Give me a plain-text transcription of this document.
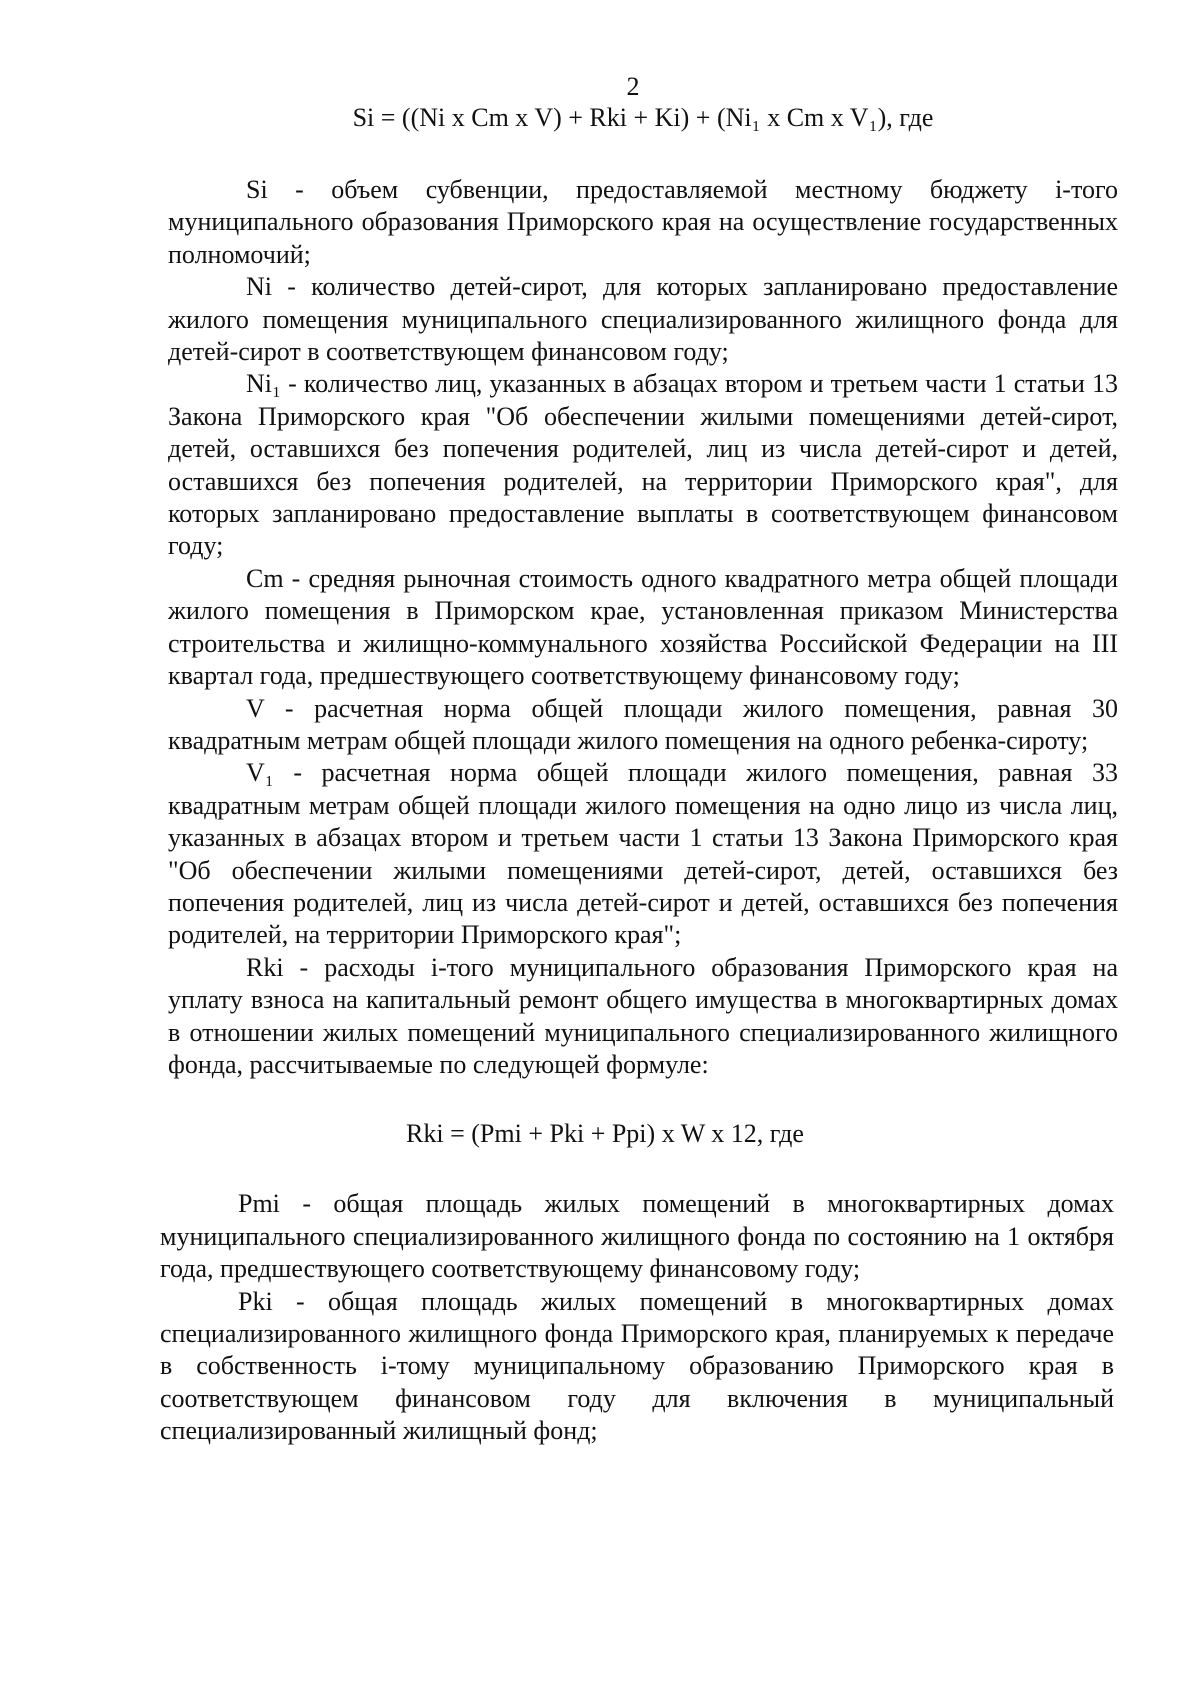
2

Si = ((Ni x Cm x V) + Rki + Ki) + (Ni₁ x Cm x V₁), где

Si - объем субвенции, предоставляемой местному бюджету i-того муниципального образования Приморского края на осуществление государственных полномочий;

Ni - количество детей-сирот, для которых запланировано предоставление жилого помещения муниципального специализированного жилищного фонда для детей-сирот в соответствующем финансовом году;

Ni₁ - количество лиц, указанных в абзацах втором и третьем части 1 статьи 13 Закона Приморского края "Об обеспечении жилыми помещениями детей-сирот, детей, оставшихся без попечения родителей, лиц из числа детей-сирот и детей, оставшихся без попечения родителей, на территории Приморского края", для которых запланировано предоставление выплаты в соответствующем финансовом году;

Cm - средняя рыночная стоимость одного квадратного метра общей площади жилого помещения в Приморском крае, установленная приказом Министерства строительства и жилищно-коммунального хозяйства Российской Федерации на III квартал года, предшествующего соответствующему финансовому году;

V - расчетная норма общей площади жилого помещения, равная 30 квадратным метрам общей площади жилого помещения на одного ребенка-сироту;

V₁ - расчетная норма общей площади жилого помещения, равная 33 квадратным метрам общей площади жилого помещения на одно лицо из числа лиц, указанных в абзацах втором и третьем части 1 статьи 13 Закона Приморского края "Об обеспечении жилыми помещениями детей-сирот, детей, оставшихся без попечения родителей, лиц из числа детей-сирот и детей, оставшихся без попечения родителей, на территории Приморского края";

Rki - расходы i-того муниципального образования Приморского края на уплату взноса на капитальный ремонт общего имущества в многоквартирных домах в отношении жилых помещений муниципального специализированного жилищного фонда, рассчитываемые по следующей формуле:

Rki = (Pmi + Pki + Ppi) x W x 12, где

Pmi - общая площадь жилых помещений в многоквартирных домах муниципального специализированного жилищного фонда по состоянию на 1 октября года, предшествующего соответствующему финансовому году;

Pki - общая площадь жилых помещений в многоквартирных домах специализированного жилищного фонда Приморского края, планируемых к передаче в собственность i-тому муниципальному образованию Приморского края в соответствующем финансовом году для включения в муниципальный специализированный жилищный фонд;
